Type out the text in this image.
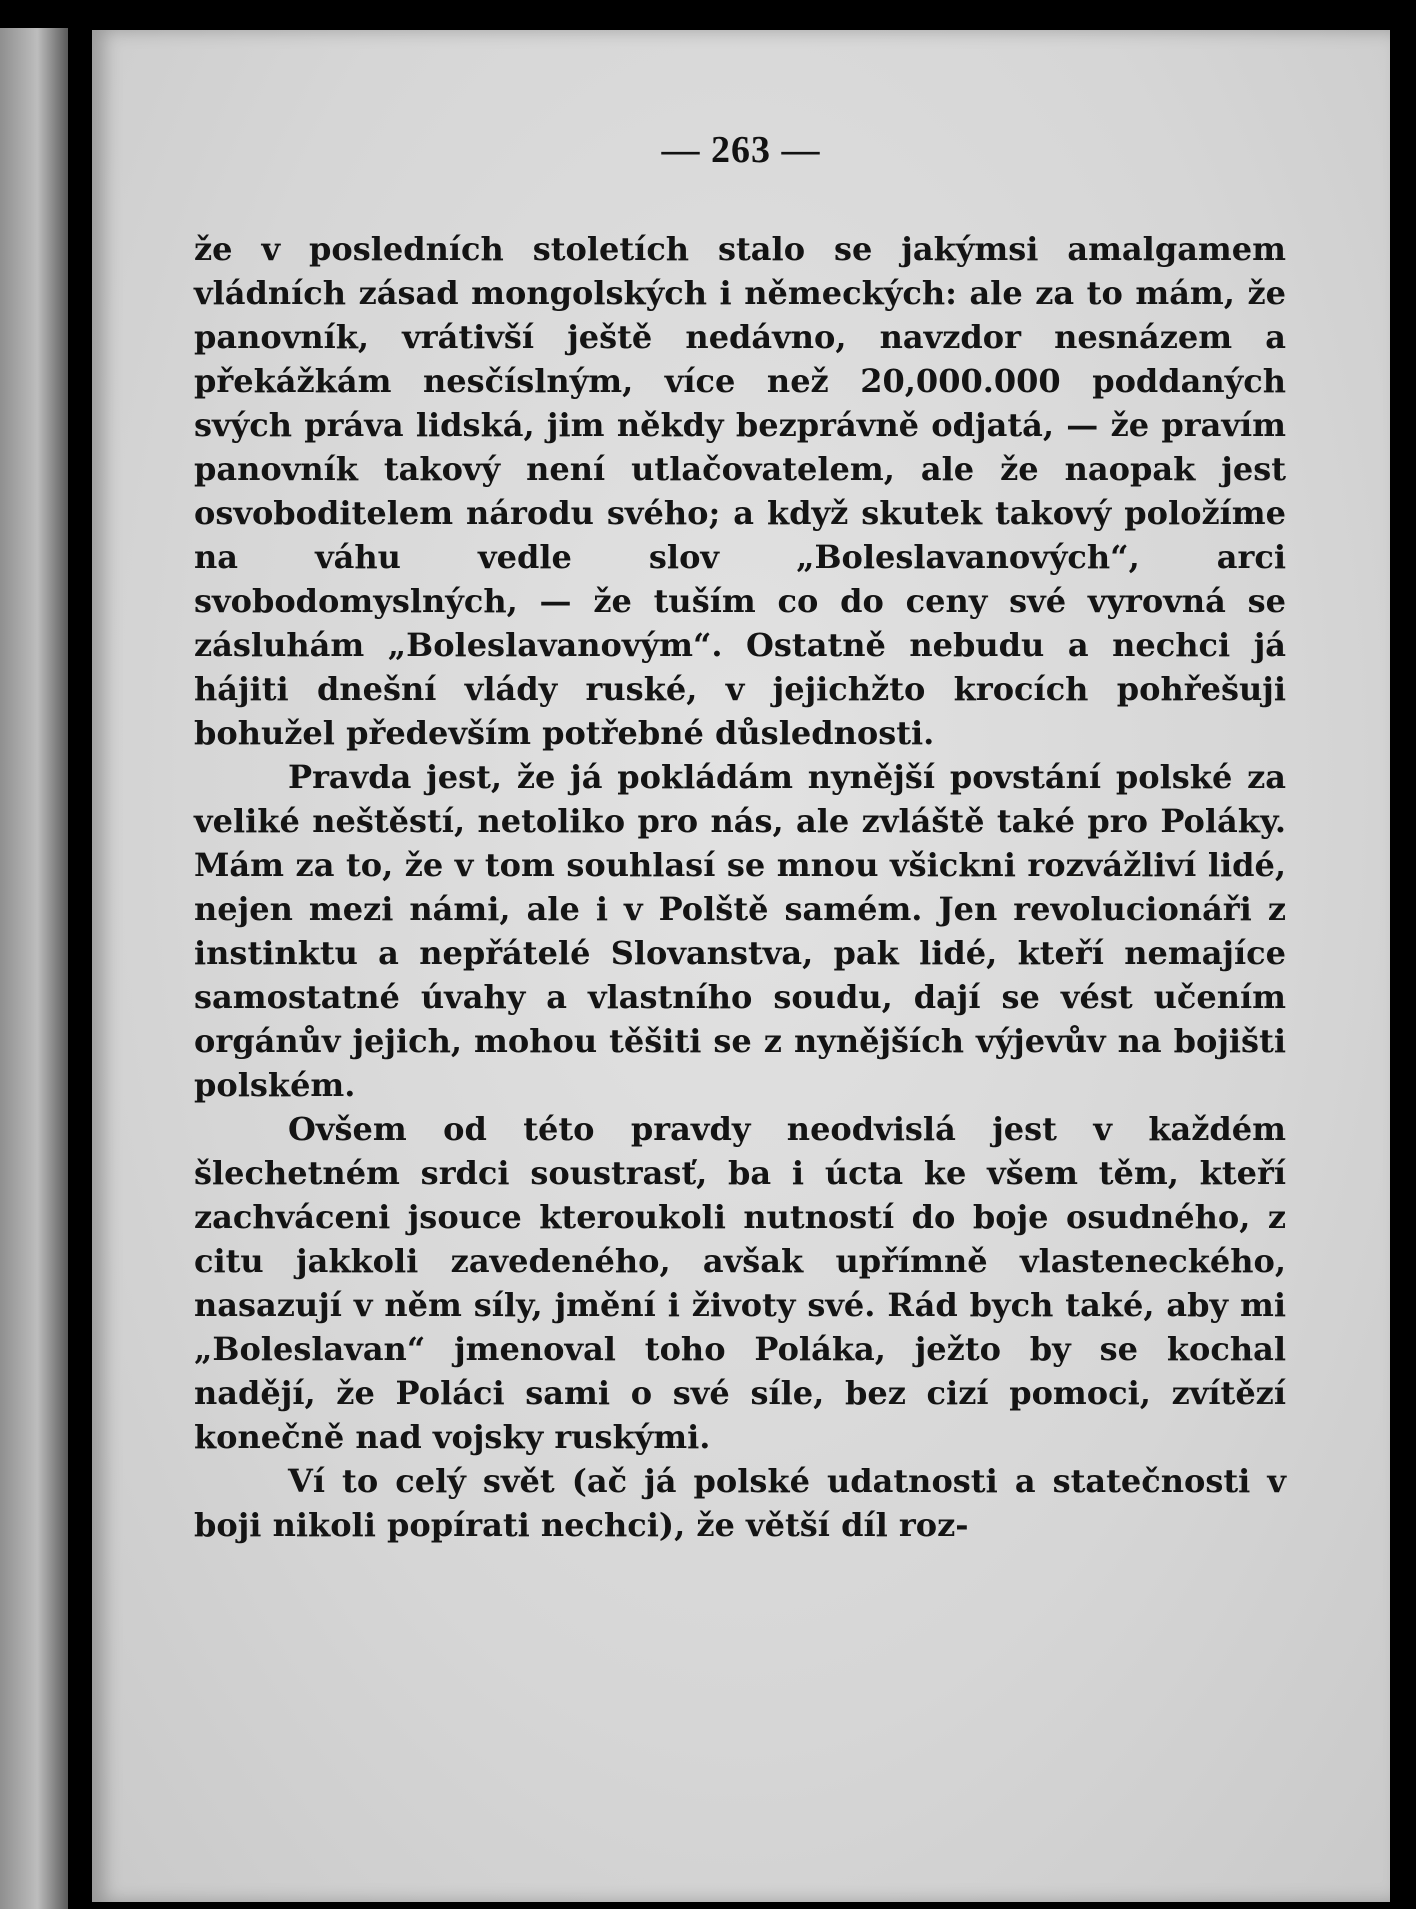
— 263 —

že v posledních stoletích stalo se jakýmsi amalgamem vládních zásad mongolských i německých: ale za to mám, že panovník, vrátivší ještě nedávno, navzdor nesnázem a překážkám nesčíslným, více než 20,000.000 poddaných svých práva lidská, jim někdy bezprávně odjatá, — že pravím panovník takový není utlačovatelem, ale že naopak jest osvoboditelem národu svého; a když skutek takový položíme na váhu vedle slov „Boleslavanových“, arci svobodomyslných, — že tuším co do ceny své vyrovná se zásluhám „Boleslavanovým“. Ostatně nebudu a nechci já hájiti dnešní vlády ruské, v jejichžto krocích pohřešuji bohužel především potřebné důslednosti.

Pravda jest, že já pokládám nynější povstání polské za veliké neštěstí, netoliko pro nás, ale zvláště také pro Poláky. Mám za to, že v tom souhlasí se mnou všickni rozvážliví lidé, nejen mezi námi, ale i v Polště samém. Jen revolucionáři z instinktu a nepřátelé Slovanstva, pak lidé, kteří nemajíce samostatné úvahy a vlastního soudu, dají se vést učením orgánův jejich, mohou těšiti se z nynějších výjevův na bojišti polském.

Ovšem od této pravdy neodvislá jest v každém šlechetném srdci soustrasť, ba i úcta ke všem těm, kteří zachváceni jsouce kteroukoli nutností do boje osudného, z citu jakkoli zavedeného, avšak upřímně vlasteneckého, nasazují v něm síly, jmění i životy své. Rád bych také, aby mi „Boleslavan“ jmenoval toho Poláka, ježto by se kochal nadějí, že Poláci sami o své síle, bez cizí pomoci, zvítězí konečně nad vojsky ruskými.

Ví to celý svět (ač já polské udatnosti a statečnosti v boji nikoli popírati nechci), že větší díl roz-
